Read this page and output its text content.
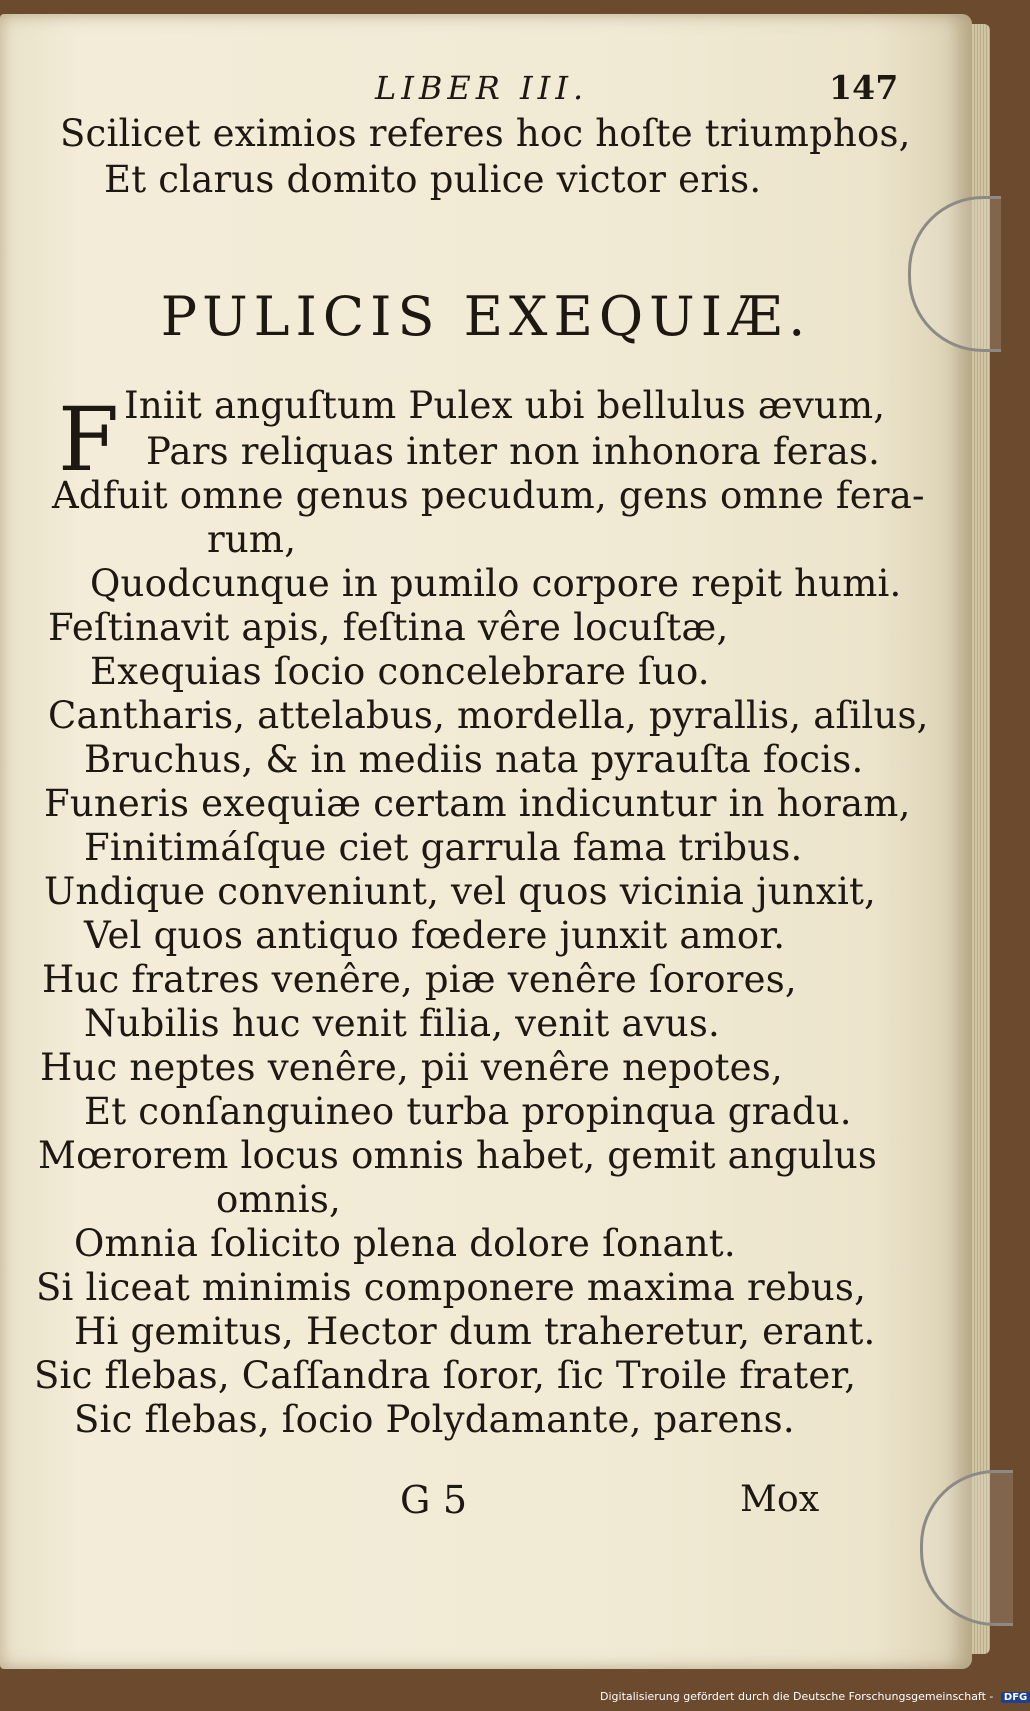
LIBER III.	147
Scilicet eximios referes hoc hoſte triumphos,
Et clarus domito pulice victor eris.
PULICIS EXEQUIÆ.
F Iniit anguſtum Pulex ubi bellulus ævum,
Pars reliquas inter non inhonora feras.
Adfuit omne genus pecudum, gens omne fera-
rum,
Quodcunque in pumilo corpore repit humi.
Feſtinavit apis, feſtina vêre locuſtæ,
Exequias ſocio concelebrare ſuo.
Cantharis, attelabus, mordella, pyrallis, aſilus,
Bruchus, & in mediis nata pyrauſta focis.
Funeris exequiæ certam indicuntur in horam,
Finitimáſque ciet garrula fama tribus.
Undique conveniunt, vel quos vicinia junxit,
Vel quos antiquo fœdere junxit amor.
Huc fratres venêre, piæ venêre ſorores,
Nubilis huc venit filia, venit avus.
Huc neptes venêre, pii venêre nepotes,
Et conſanguineo turba propinqua gradu.
Mœrorem locus omnis habet, gemit angulus
omnis,
Omnia ſolicito plena dolore ſonant.
Si liceat minimis componere maxima rebus,
Hi gemitus, Hector dum traheretur, erant.
Sic flebas, Caſſandra ſoror, ſic Troile frater,
Sic flebas, ſocio Polydamante, parens.
G 5	Mox
Digitalisierung gefördert durch die Deutsche Forschungsgemeinschaft - DFG
